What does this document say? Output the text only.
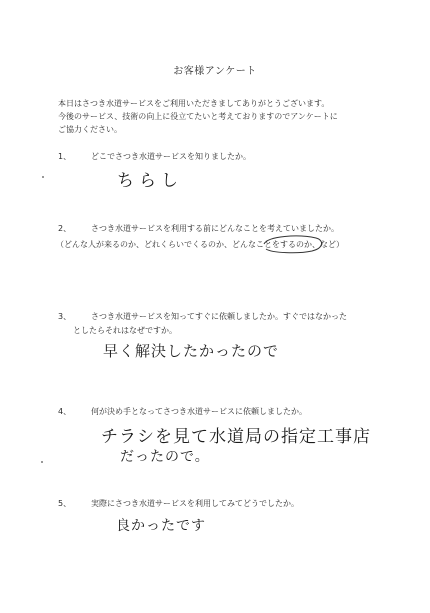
お客様アンケート
本日はさつき水道サービスをご利用いただきましてありがとうございます。
今後のサービス、技術の向上に役立てたいと考えておりますのでアンケートに
ご協力ください。
1、 どこでさつき水道サービスを知りましたか。
ちらし
2、 さつき水道サービスを利用する前にどんなことを考えていましたか。
（どんな人が来るのか、どれくらいでくるのか、どんなことをするのか、など）
3、 さつき水道サービスを知ってすぐに依頼しましたか。すぐではなかった
としたらそれはなぜですか。
早く解決したかったので
4、 何が決め手となってさつき水道サービスに依頼しましたか。
チラシを見て水道局の指定工事店
だったので。
5、 実際にさつき水道サービスを利用してみてどうでしたか。
良かったです
